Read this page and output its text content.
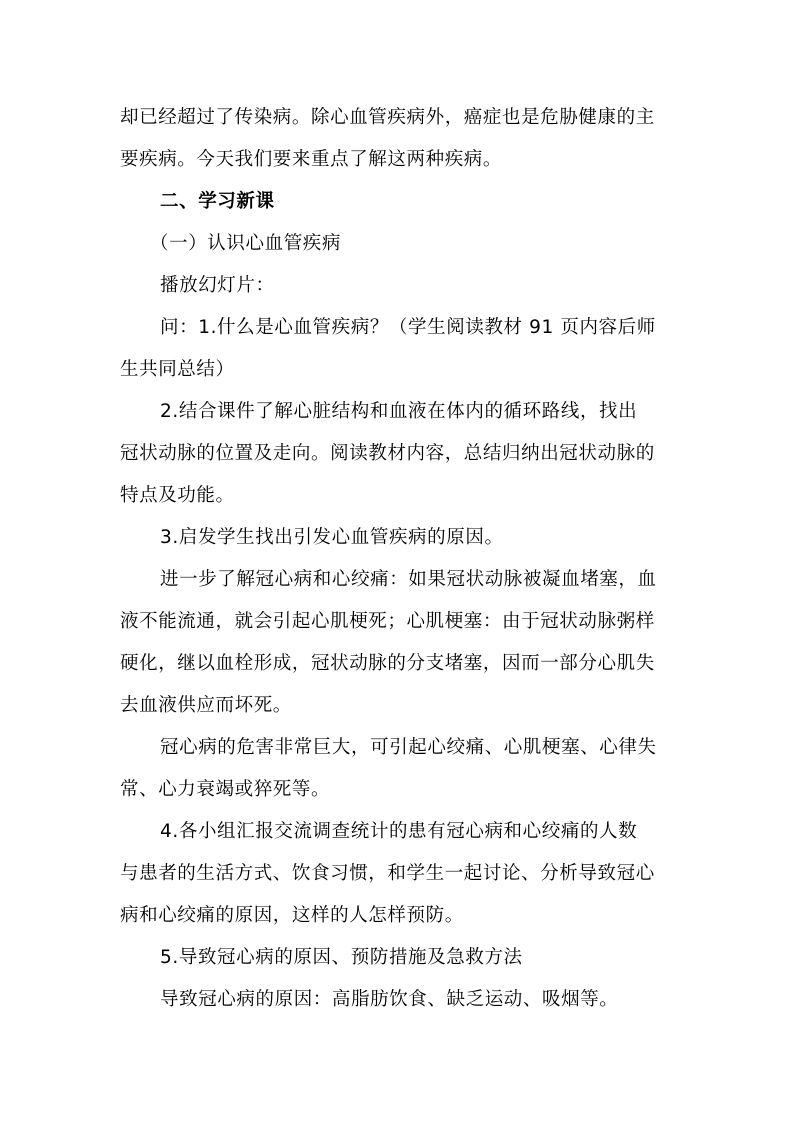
却已经超过了传染病。除心血管疾病外，癌症也是危胁健康的主
要疾病。今天我们要来重点了解这两种疾病。
二、学习新课
（一）认识心血管疾病
播放幻灯片：
问：1.什么是心血管疾病？（学生阅读教材 91 页内容后师
生共同总结）
2.结合课件了解心脏结构和血液在体内的循环路线，找出
冠状动脉的位置及走向。阅读教材内容，总结归纳出冠状动脉的
特点及功能。
3.启发学生找出引发心血管疾病的原因。
进一步了解冠心病和心绞痛：如果冠状动脉被凝血堵塞，血
液不能流通，就会引起心肌梗死；心肌梗塞：由于冠状动脉粥样
硬化，继以血栓形成，冠状动脉的分支堵塞，因而一部分心肌失
去血液供应而坏死。
冠心病的危害非常巨大，可引起心绞痛、心肌梗塞、心律失
常、心力衰竭或猝死等。
4.各小组汇报交流调查统计的患有冠心病和心绞痛的人数
与患者的生活方式、饮食习惯，和学生一起讨论、分析导致冠心
病和心绞痛的原因，这样的人怎样预防。
5.导致冠心病的原因、预防措施及急救方法
导致冠心病的原因：高脂肪饮食、缺乏运动、吸烟等。
